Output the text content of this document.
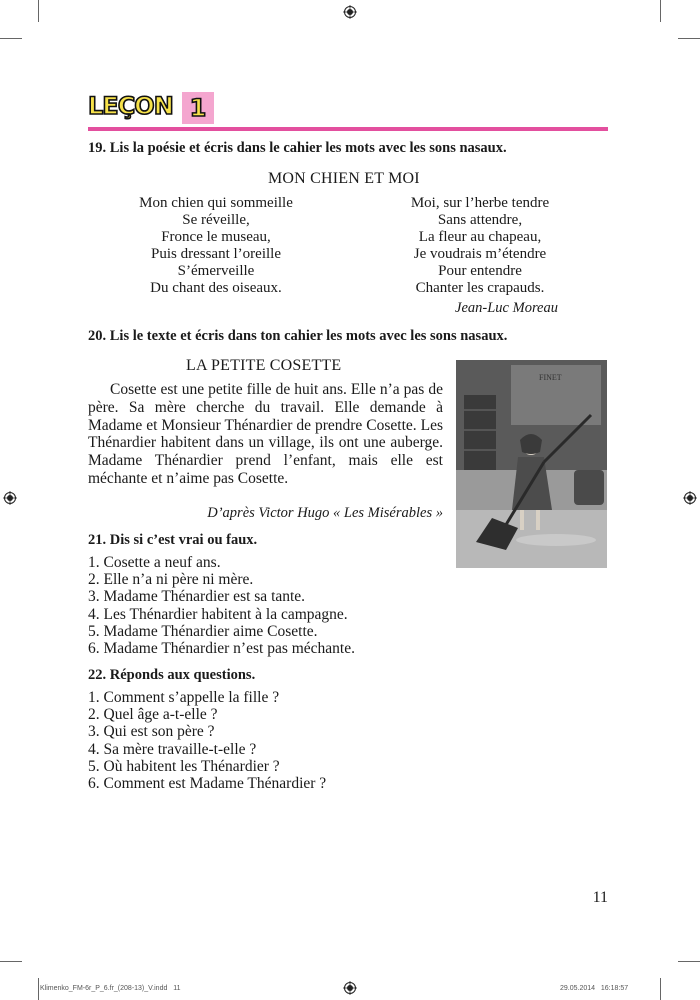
LEÇON 1
19. Lis la poésie et écris dans le cahier les mots avec les sons nasaux.
MON CHIEN ET MOI
Mon chien qui sommeille
Se réveille,
Fronce le museau,
Puis dressant l’oreille
S’émerveille
Du chant des oiseaux.
Moi, sur l’herbe tendre
Sans attendre,
La fleur au chapeau,
Je voudrais m’étendre
Pour entendre
Chanter les crapauds.
Jean-Luc Moreau
20. Lis le texte et écris dans ton cahier les mots avec les sons nasaux.
LA PETITE COSETTE
Cosette est une petite fille de huit ans. Elle n’a pas de père. Sa mère cherche du travail. Elle demande à Madame et Monsieur Thénardier de prendre Cosette. Les Thénardier habitent dans un village, ils ont une auberge. Madame Thénardier prend l’enfant, mais elle est méchante et n’aime pas Cosette.
D’après Victor Hugo « Les Misérables »
FINET
21. Dis si c’est vrai ou faux.
1. Cosette a neuf ans.
2. Elle n’a ni père ni mère.
3. Madame Thénardier est sa tante.
4. Les Thénardier habitent à la campagne.
5. Madame Thénardier aime Cosette.
6. Madame Thénardier n’est pas méchante.
22. Réponds aux questions.
1. Comment s’appelle la fille ?
2. Quel âge a-t-elle ?
3. Qui est son père ?
4. Sa mère travaille-t-elle ?
5. Où habitent les Thénardier ?
6. Comment est Madame Thénardier ?
11
Klimenko_FM-6r_P_6.fr_(208-13)_V.indd   11	29.05.2014   16:18:57
